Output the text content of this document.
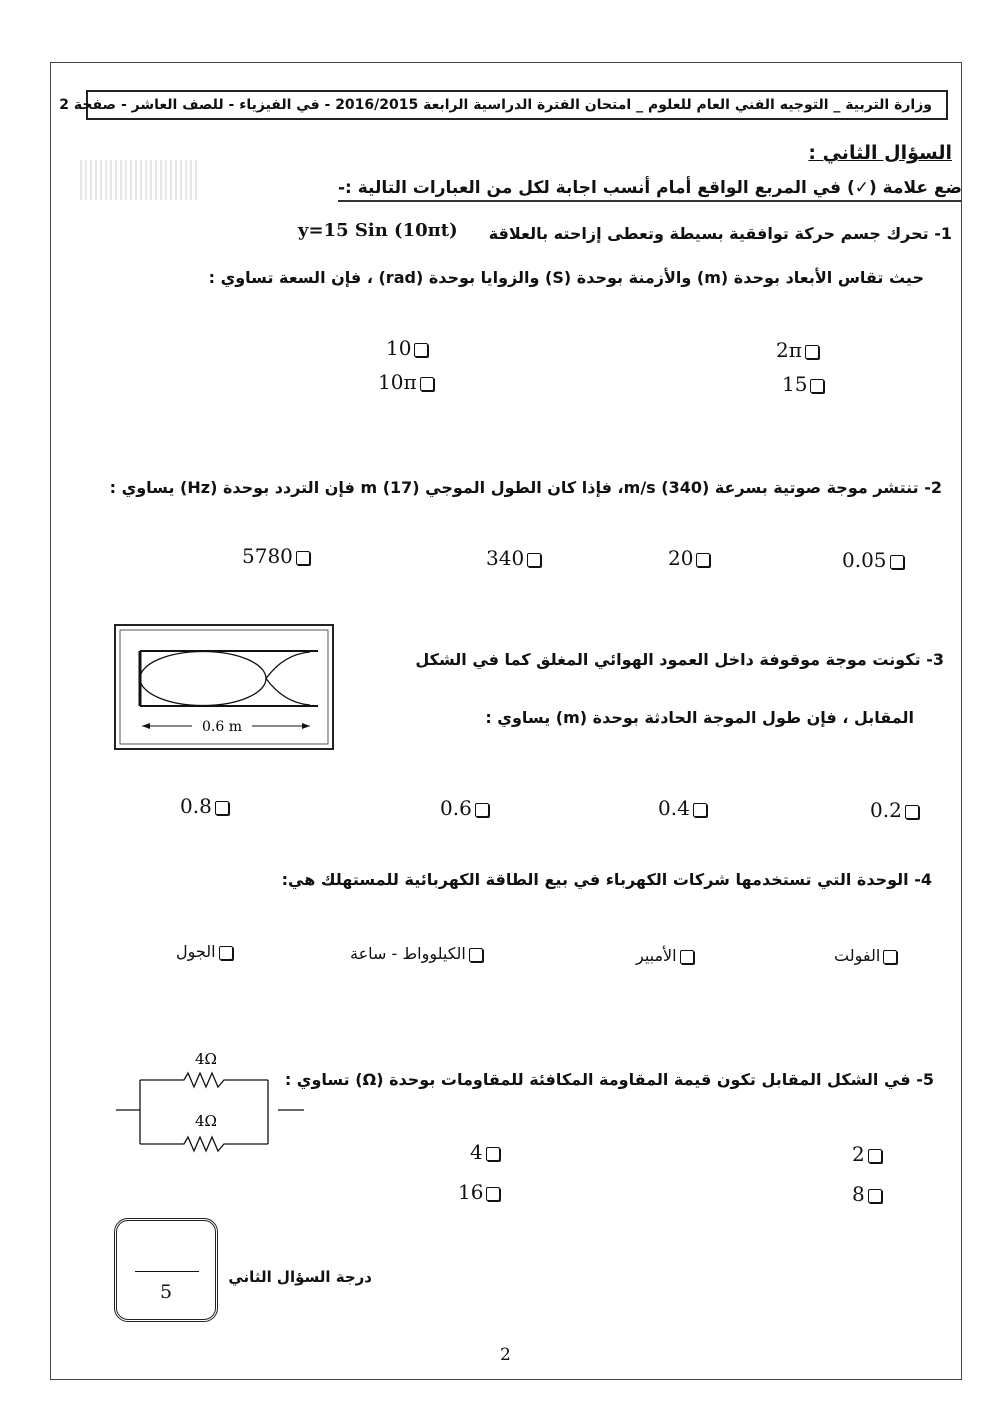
وزارة التربية _ التوجيه الفني العام للعلوم _ امتحان الفترة الدراسية الرابعة 2016/2015 - في الفيزياء - للصف العاشر - صفحة 2
السؤال الثاني :
ضع علامة (✓) في المربع الواقع أمام أنسب اجابة لكل من العبارات التالية :-
1- تحرك جسم حركة توافقية بسيطة وتعطى إزاحته بالعلاقة
y=15 Sin (10πt)
حيث تقاس الأبعاد بوحدة (m) والأزمنة بوحدة (S) والزوايا بوحدة (rad) ، فإن السعة تساوي :
10	2π
10π	15
2- تنتشر موجة صوتية بسرعة m/s (340)، فإذا كان الطول الموجي m (17) فإن التردد بوحدة (Hz) يساوي :
5780	340	20	0.05
3- تكونت موجة موقوفة داخل العمود الهوائي المغلق كما في الشكل
المقابل ، فإن طول الموجة الحادثة بوحدة (m) يساوي :
0.6 m
0.8	0.6	0.4	0.2
4- الوحدة التي تستخدمها شركات الكهرباء في بيع الطاقة الكهربائية للمستهلك هي:
الجول	الكيلوواط - ساعة	الأمبير	الفولت
5- في الشكل المقابل تكون قيمة المقاومة المكافئة للمقاومات بوحدة (Ω) تساوي :
4Ω
4Ω
4	2
16	8
5
درجة السؤال الثاني
2
